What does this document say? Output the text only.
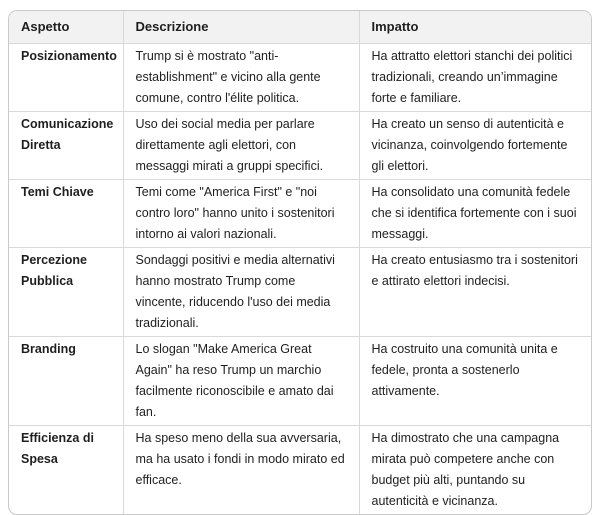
Aspetto	Descrizione	Impatto
Posizionamento	Trump si è mostrato "anti-establishment" e vicino alla gente comune, contro l'élite politica.	Ha attratto elettori stanchi dei politici tradizionali, creando un’immagine forte e familiare.
Comunicazione Diretta	Uso dei social media per parlare direttamente agli elettori, con messaggi mirati a gruppi specifici.	Ha creato un senso di autenticità e vicinanza, coinvolgendo fortemente gli elettori.
Temi Chiave	Temi come "America First" e "noi contro loro" hanno unito i sostenitori intorno ai valori nazionali.	Ha consolidato una comunità fedele che si identifica fortemente con i suoi messaggi.
Percezione Pubblica	Sondaggi positivi e media alternativi hanno mostrato Trump come vincente, riducendo l'uso dei media tradizionali.	Ha creato entusiasmo tra i sostenitori e attirato elettori indecisi.
Branding	Lo slogan "Make America Great Again" ha reso Trump un marchio facilmente riconoscibile e amato dai fan.	Ha costruito una comunità unita e fedele, pronta a sostenerlo attivamente.
Efficienza di Spesa	Ha speso meno della sua avversaria, ma ha usato i fondi in modo mirato ed efficace.	Ha dimostrato che una campagna mirata può competere anche con budget più alti, puntando su autenticità e vicinanza.
